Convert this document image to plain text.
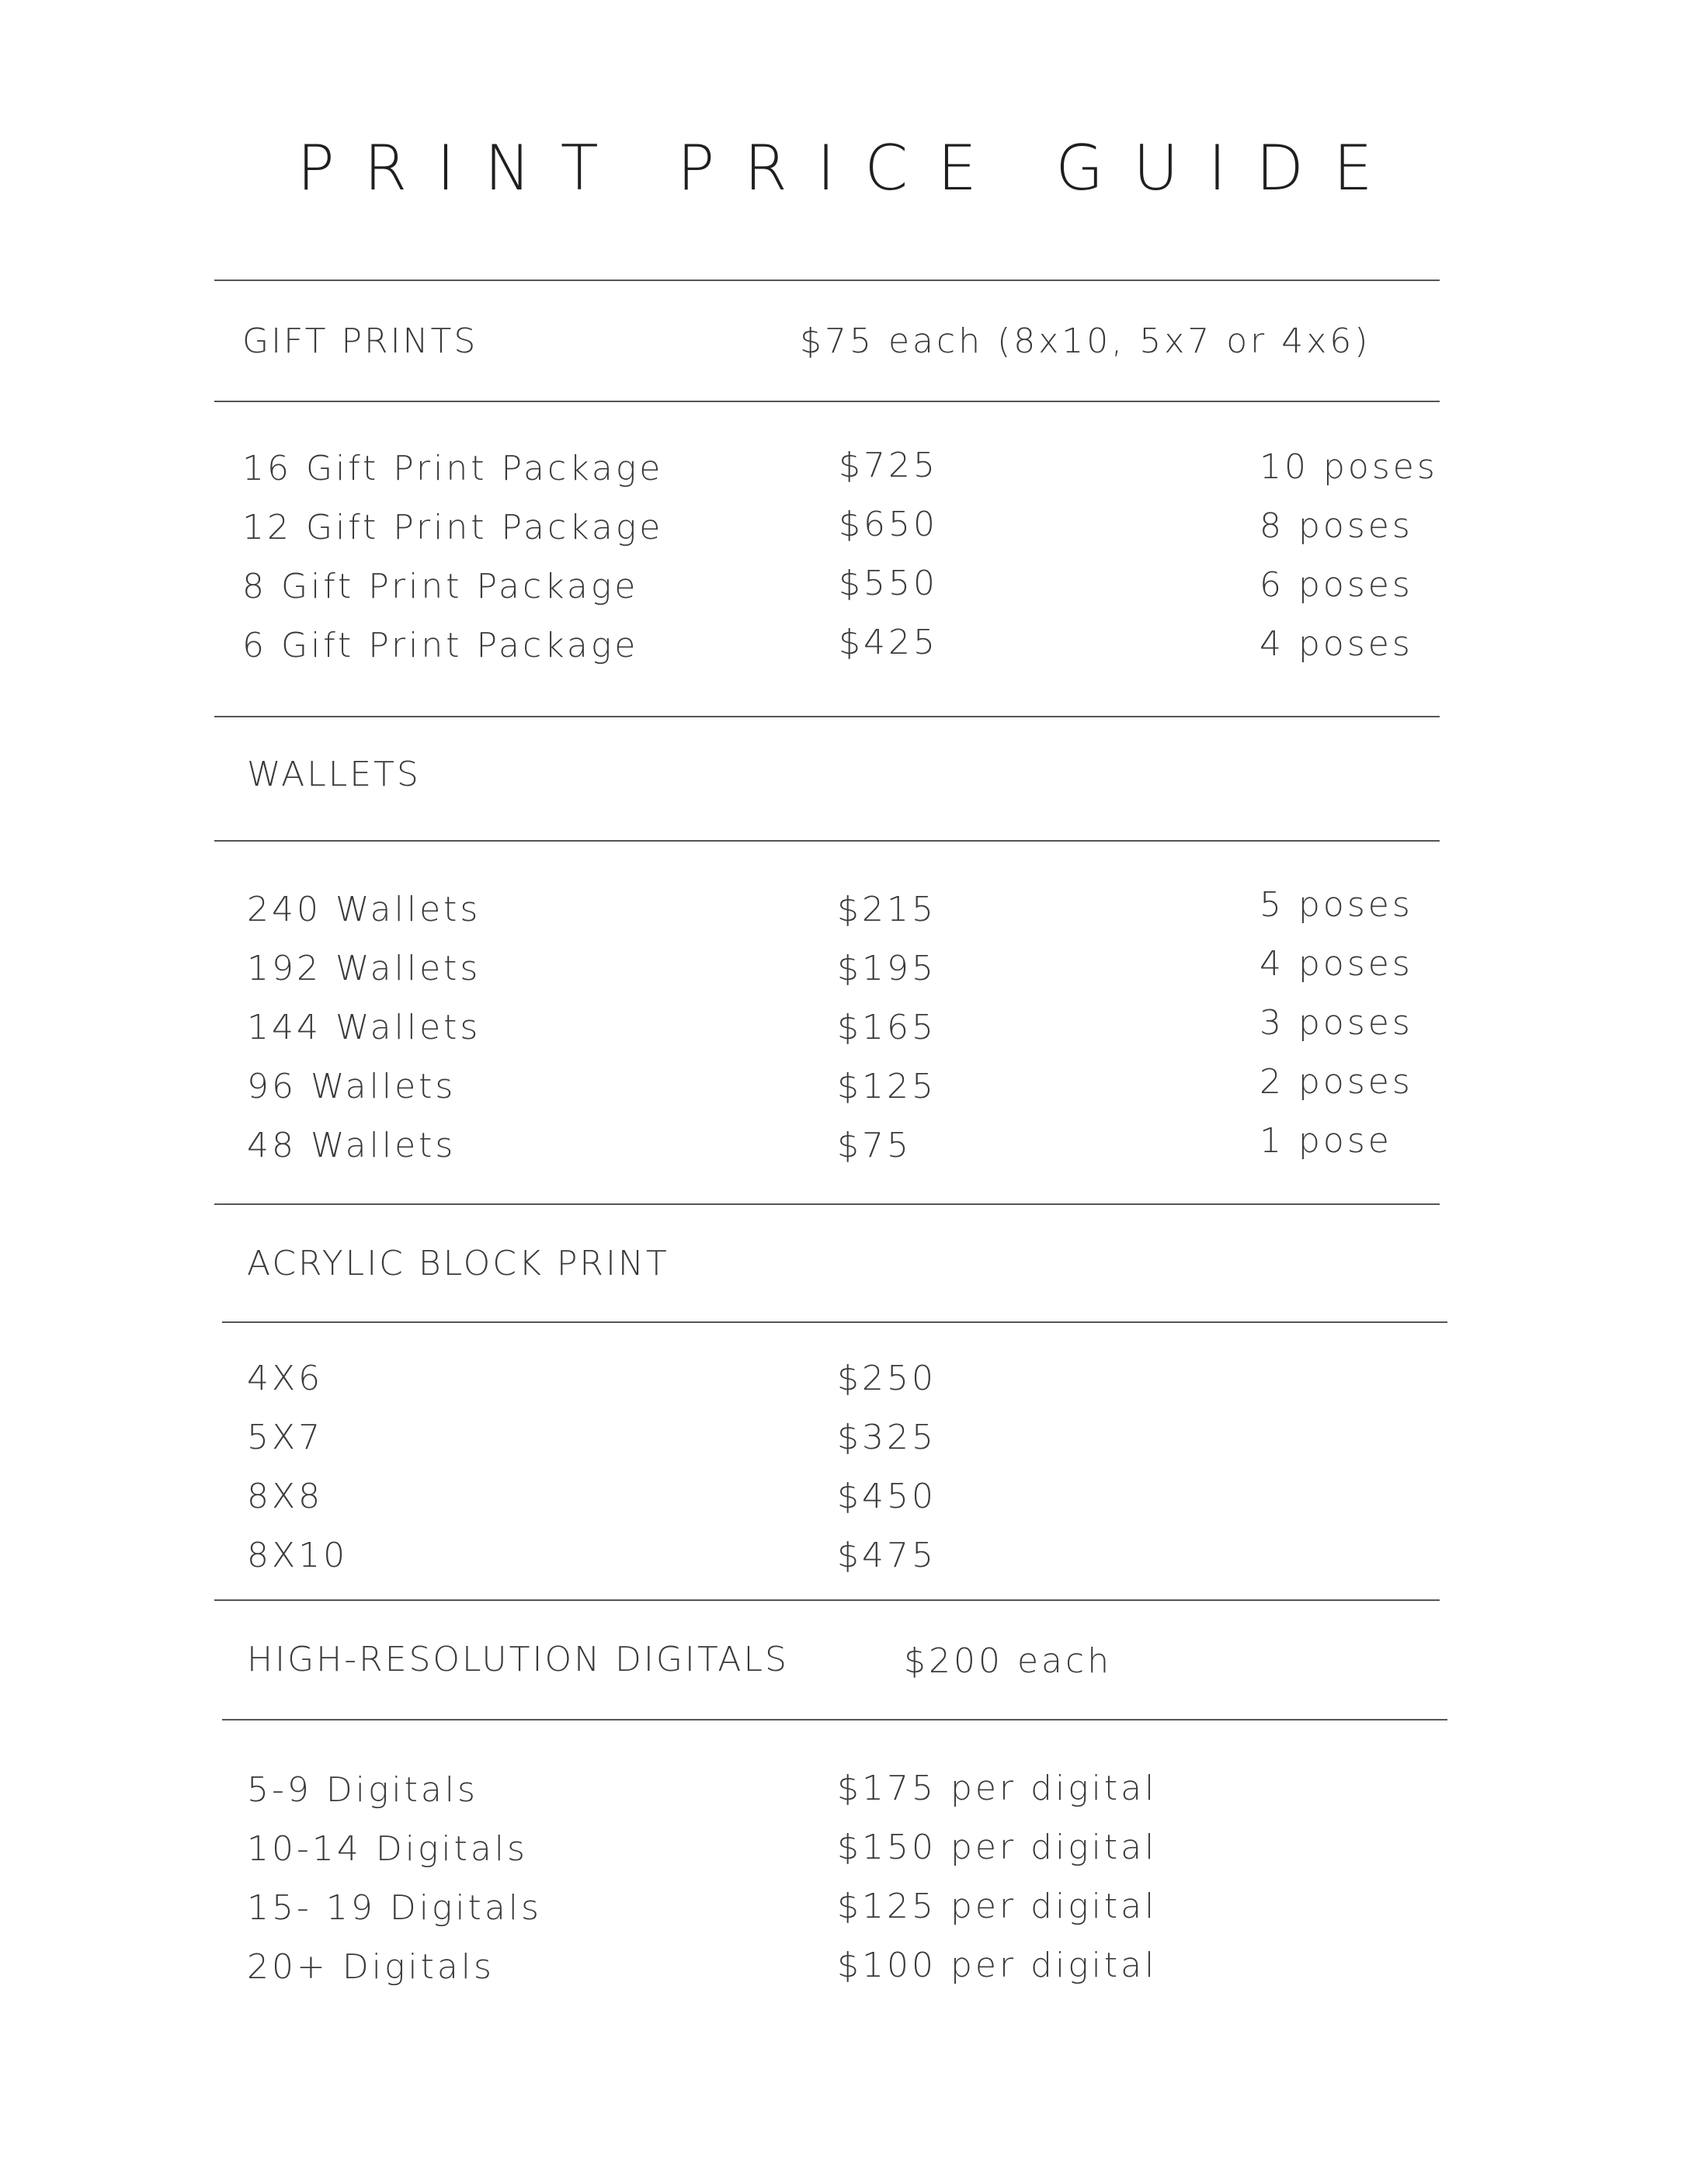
PRINT PRICE GUIDE
GIFT PRINTS	$75 each (8x10, 5x7 or 4x6)
16 Gift Print Package	$725	10 poses
12 Gift Print Package	$650	8 poses
8 Gift Print Package	$550	6 poses
6 Gift Print Package	$425	4 poses
WALLETS
240 Wallets	$215	5 poses
192 Wallets	$195	4 poses
144 Wallets	$165	3 poses
96 Wallets	$125	2 poses
48 Wallets	$75	1 pose
ACRYLIC BLOCK PRINT
4X6	$250
5X7	$325
8X8	$450
8X10	$475
HIGH-RESOLUTION DIGITALS	$200 each
5-9 Digitals	$175 per digital
10-14 Digitals	$150 per digital
15- 19 Digitals	$125 per digital
20+ Digitals	$100 per digital
